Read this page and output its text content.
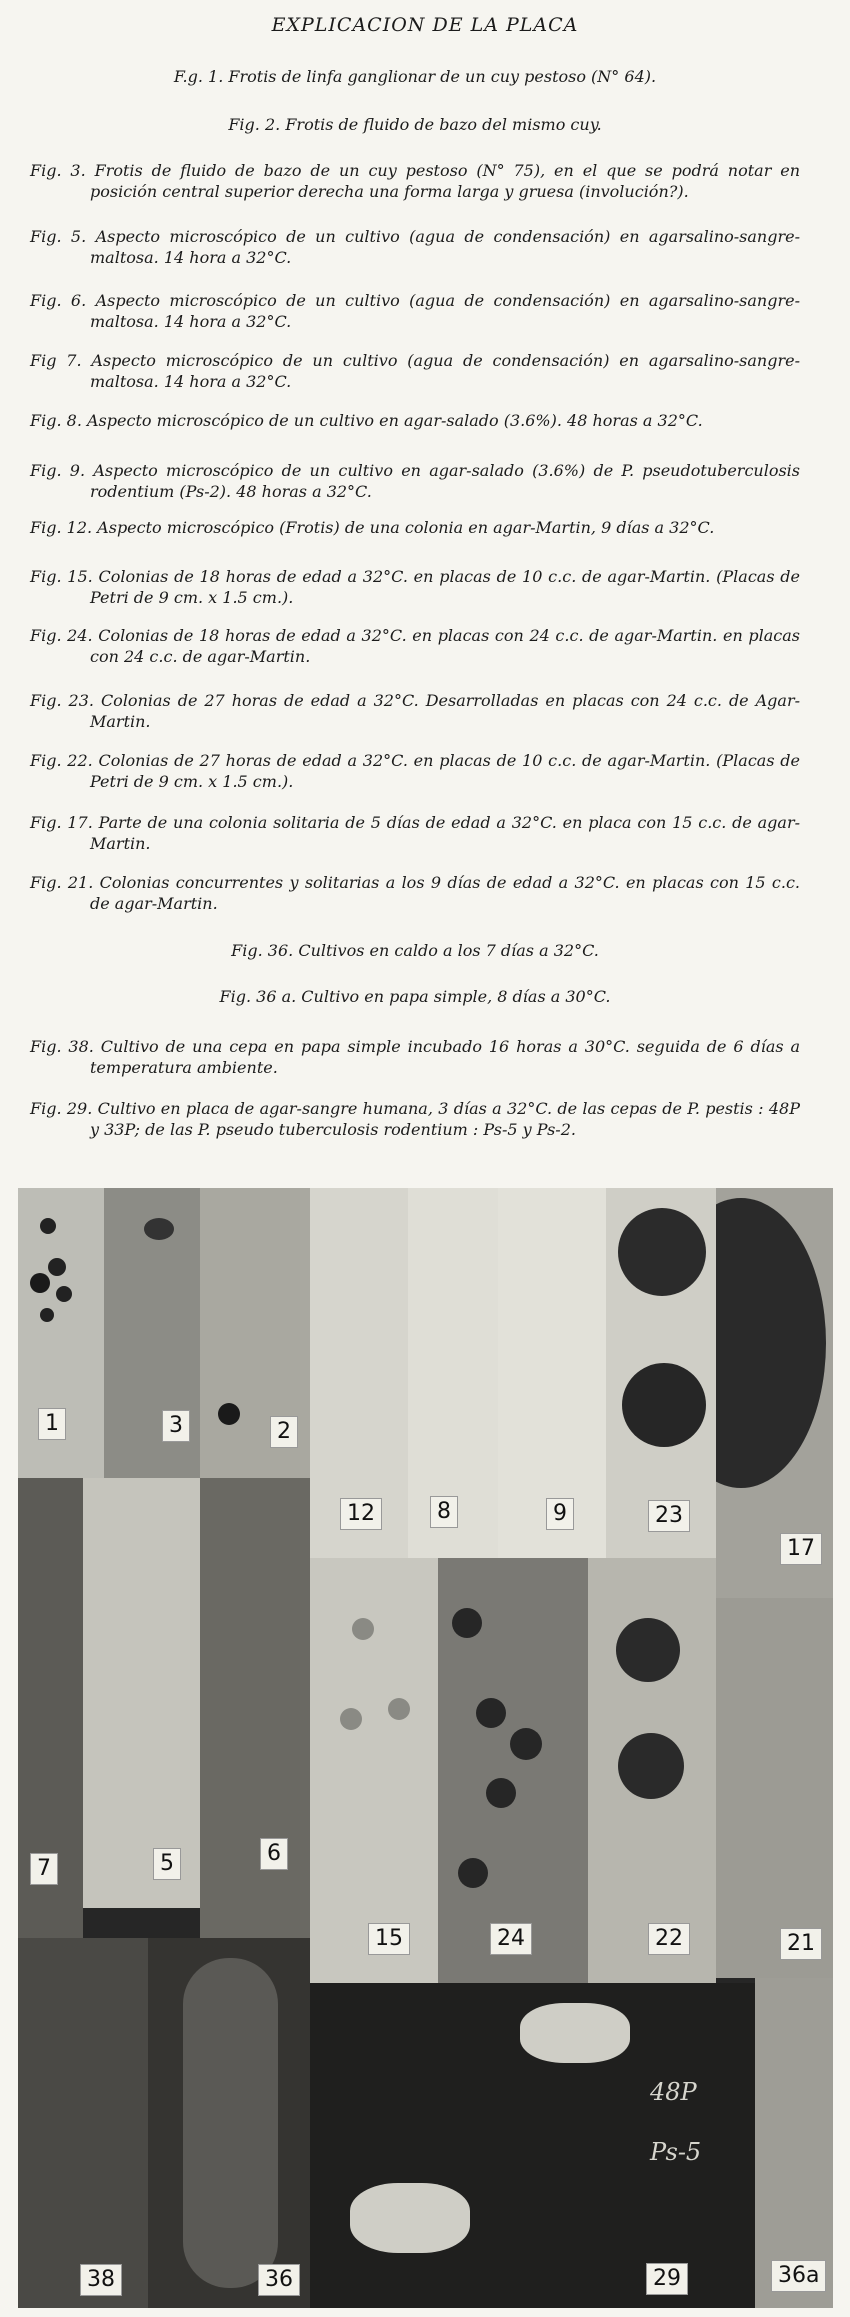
EXPLICACION DE LA PLACA
F.g. 1. Frotis de linfa ganglionar de un cuy pestoso (N° 64).
Fig. 2. Frotis de fluido de bazo del mismo cuy.
Fig. 3. Frotis de fluido de bazo de un cuy pestoso (N° 75), en el que se podrá notar en posición central superior derecha una forma larga y gruesa (involución?).
Fig. 5. Aspecto microscópico de un cultivo (agua de condensación) en agarsalino-sangre-maltosa. 14 hora a 32°C.
Fig. 6. Aspecto microscópico de un cultivo (agua de condensación) en agarsalino-sangre-maltosa. 14 hora a 32°C.
Fig 7. Aspecto microscópico de un cultivo (agua de condensación) en agarsalino-sangre-maltosa. 14 hora a 32°C.
Fig. 8. Aspecto microscópico de un cultivo en agar-salado (3.6%). 48 horas a 32°C.
Fig. 9. Aspecto microscópico de un cultivo en agar-salado (3.6%) de P. pseudotuberculosis rodentium (Ps-2). 48 horas a 32°C.
Fig. 12. Aspecto microscópico (Frotis) de una colonia en agar-Martin, 9 días a 32°C.
Fig. 15. Colonias de 18 horas de edad a 32°C. en placas de 10 c.c. de agar-Martin. (Placas de Petri de 9 cm. x 1.5 cm.).
Fig. 24. Colonias de 18 horas de edad a 32°C. en placas con 24 c.c. de agar-Martin. en placas con 24 c.c. de agar-Martin.
Fig. 23. Colonias de 27 horas de edad a 32°C. Desarrolladas en placas con 24 c.c. de Agar-Martin.
Fig. 22. Colonias de 27 horas de edad a 32°C. en placas de 10 c.c. de agar-Martin. (Placas de Petri de 9 cm. x 1.5 cm.).
Fig. 17. Parte de una colonia solitaria de 5 días de edad a 32°C. en placa con 15 c.c. de agar-Martin.
Fig. 21. Colonias concurrentes y solitarias a los 9 días de edad a 32°C. en placas con 15 c.c. de agar-Martin.
Fig. 36. Cultivos en caldo a los 7 días a 32°C.
Fig. 36 a. Cultivo en papa simple, 8 días a 30°C.
Fig. 38. Cultivo de una cepa en papa simple incubado 16 horas a 30°C. seguida de 6 días a temperatura ambiente.
Fig. 29. Cultivo en placa de agar-sangre humana, 3 días a 32°C. de las cepas de P. pestis : 48P y 33P; de las P. pseudo tuberculosis rodentium : Ps-5 y Ps-2.
1	3	2
12	8	9	23
17
7	5	6
15	24	22	21
38	36
48P
Ps-5
29	36a
